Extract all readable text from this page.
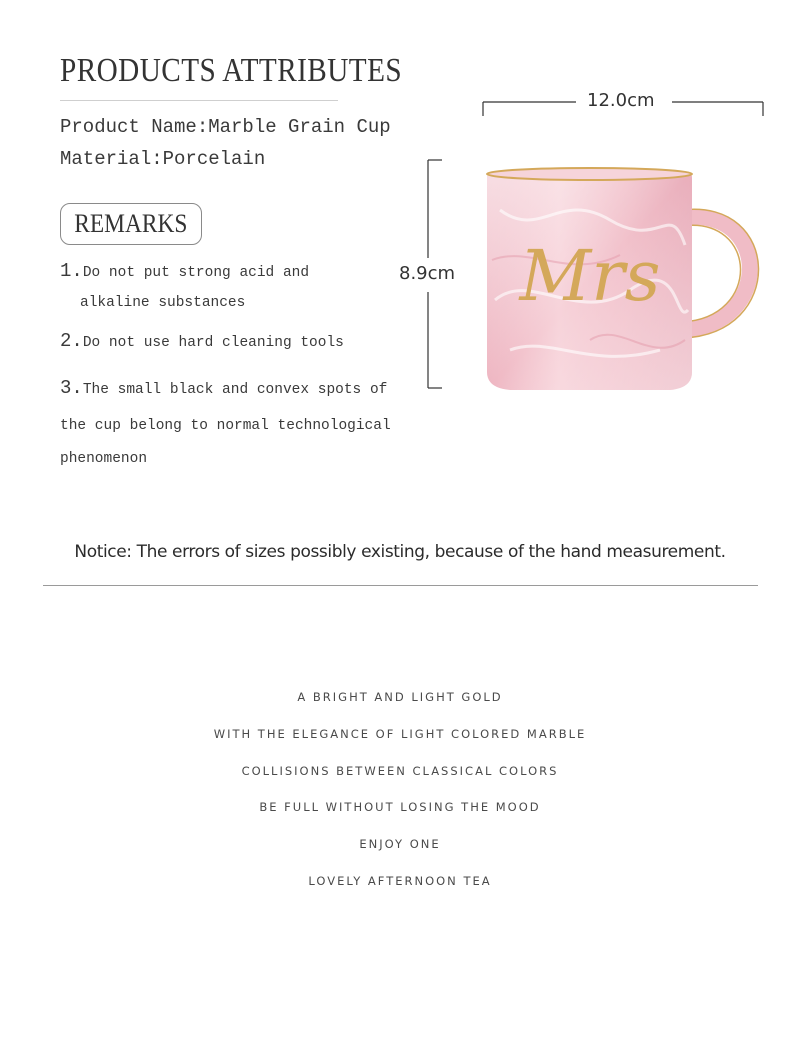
PRODUCTS ATTRIBUTES
Product Name:Marble Grain Cup
Material:Porcelain
REMARKS
1.Do not put strong acid and
alkaline substances
2.Do not use hard cleaning tools
3.The small black and convex spots of
the cup belong to normal technological
phenomenon
12.0cm
8.9cm Mrs
Notice: The errors of sizes possibly existing, because of the hand measurement.
A BRIGHT AND LIGHT GOLD
WITH THE ELEGANCE OF LIGHT COLORED MARBLE
COLLISIONS BETWEEN CLASSICAL COLORS
BE FULL WITHOUT LOSING THE MOOD
ENJOY ONE
LOVELY AFTERNOON TEA
